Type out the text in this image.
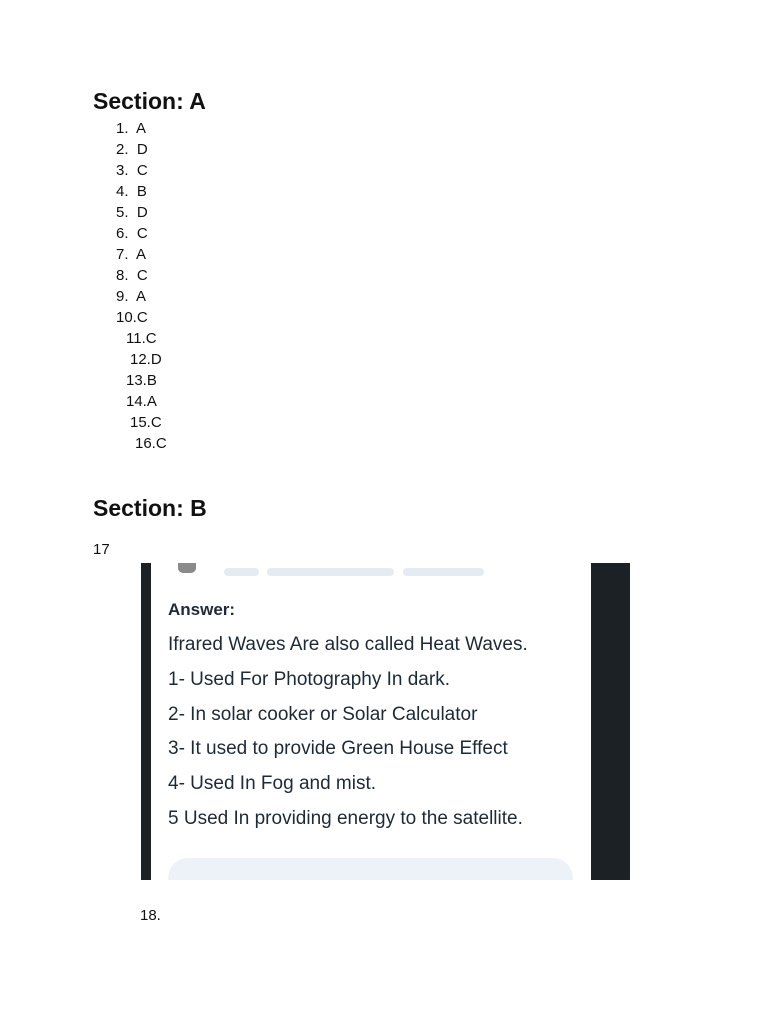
Section: A
1.  A
2.  D
3.  C
4.  B
5.  D
6.  C
7.  A
8.  C
9.  A
10.C
11.C
12.D
13.B
14.A
15.C
16.C
Section: B
17
Answer:
Ifrared Waves Are also called Heat Waves.
1- Used For Photography In dark.
2- In solar cooker or Solar Calculator
3- It used to provide Green House Effect
4- Used In Fog and mist.
5 Used In providing energy to the satellite.
18.
